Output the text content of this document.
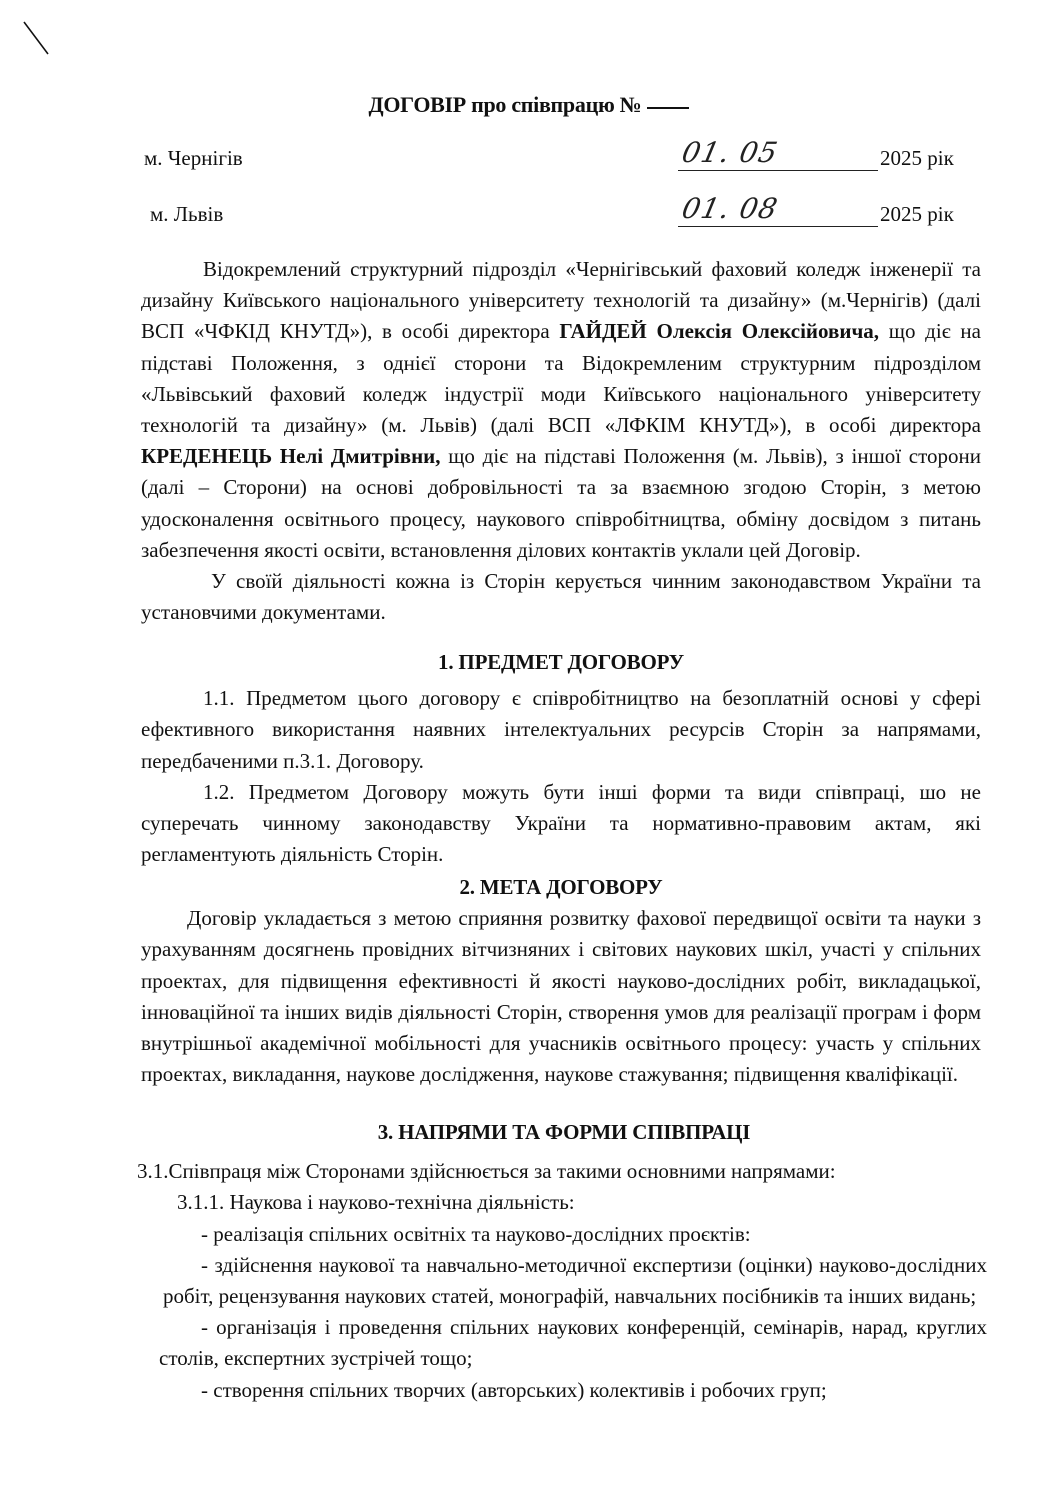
ДОГОВІР про співпрацю №
м. Чернігів	01. 05	2025 рік
м. Львів	01. 08	2025 рік

Відокремлений структурний підрозділ «Чернігівський фаховий коледж інженерії та дизайну Київського національного університету технологій та дизайну» (м.Чернігів) (далі ВСП «ЧФКІД КНУТД»), в особі директора ГАЙДЕЙ Олексія Олексійовича, що діє на підставі Положення, з однієї сторони та Відокремленим структурним підрозділом «Львівський фаховий коледж індустрії моди Київського національного університету технологій та дизайну» (м. Львів) (далі ВСП «ЛФКІМ КНУТД»), в особі директора КРЕДЕНЕЦЬ Нелі Дмитрівни, що діє на підставі Положення (м. Львів), з іншої сторони (далі – Сторони) на основі добровільності та за взаємною згодою Сторін, з метою удосконалення освітнього процесу, наукового співробітництва, обміну досвідом з питань забезпечення якості освіти, встановлення ділових контактів уклали цей Договір.

У своїй діяльності кожна із Сторін керується чинним законодавством України та установчими документами.

1. ПРЕДМЕТ ДОГОВОРУ

1.1. Предметом цього договору є співробітництво на безоплатній основі у сфері ефективного використання наявних інтелектуальних ресурсів Сторін за напрямами, передбаченими п.3.1. Договору.

1.2. Предметом Договору можуть бути інші форми та види співпраці, шо не суперечать чинному законодавству України та нормативно-правовим актам, які регламентують діяльність Сторін.

2. МЕТА ДОГОВОРУ

Договір укладається з метою сприяння розвитку фахової передвищої освіти та науки з урахуванням досягнень провідних вітчизняних і світових наукових шкіл, участі у спільних проектах, для підвищення ефективності й якості науково-дослідних робіт, викладацької, інноваційної та інших видів діяльності Сторін, створення умов для реалізації програм і форм внутрішньої академічної мобільності для учасників освітнього процесу: участь у спільних проектах, викладання, наукове дослідження, наукове стажування; підвищення кваліфікації.

3. НАПРЯМИ ТА ФОРМИ СПІВПРАЦІ

3.1.Співпраця між Сторонами здійснюється за такими основними напрямами:

3.1.1. Наукова і науково-технічна діяльність:

- реалізація спільних освітніх та науково-дослідних проєктів:

- здійснення наукової та навчально-методичної експертизи (оцінки) науково-дослідних робіт, рецензування наукових статей, монографій, навчальних посібників та інших видань;

- організація і проведення спільних наукових конференцій, семінарів, нарад, круглих столів, експертних зустрічей тощо;

- створення спільних творчих (авторських) колективів і робочих груп;
